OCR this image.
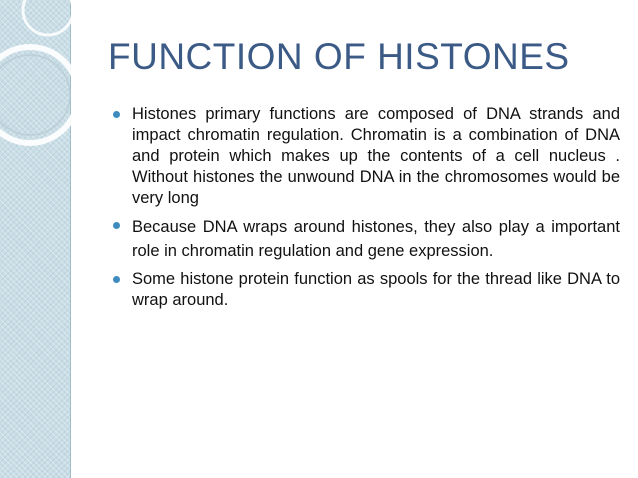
FUNCTION OF HISTONES
Histones primary functions are composed of DNA strands and impact chromatin regulation. Chromatin is a combination of DNA and protein which makes up the contents of a cell nucleus . Without histones the unwound DNA in the chromosomes would be very long
Because DNA wraps around histones, they also play a important role in chromatin regulation and gene expression.
Some histone protein function as spools for the thread like DNA to wrap around.
